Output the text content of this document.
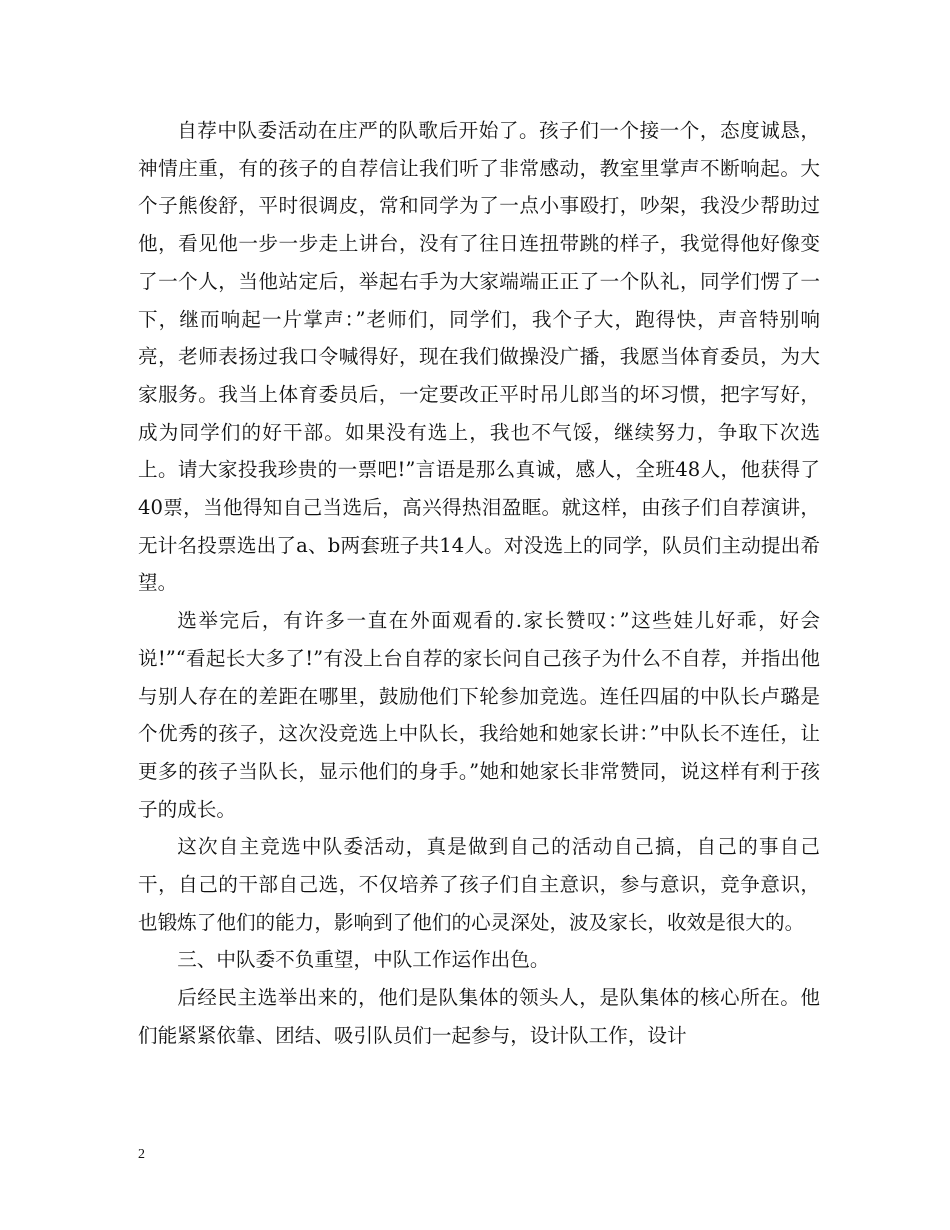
自荐中队委活动在庄严的队歌后开始了。孩子们一个接一个，态度诚恳，神情庄重，有的孩子的自荐信让我们听了非常感动，教室里掌声不断响起。大个子熊俊舒，平时很调皮，常和同学为了一点小事殴打，吵架，我没少帮助过他，看见他一步一步走上讲台，没有了往日连扭带跳的样子，我觉得他好像变了一个人，当他站定后，举起右手为大家端端正正了一个队礼，同学们愣了一下，继而响起一片掌声：”老师们，同学们，我个子大，跑得快，声音特别响亮，老师表扬过我口令喊得好，现在我们做操没广播，我愿当体育委员，为大家服务。我当上体育委员后，一定要改正平时吊儿郎当的坏习惯，把字写好，成为同学们的好干部。如果没有选上，我也不气馁，继续努力，争取下次选上。请大家投我珍贵的一票吧!”言语是那么真诚，感人，全班48人，他获得了40票，当他得知自己当选后，高兴得热泪盈眶。就这样，由孩子们自荐演讲，无计名投票选出了a、b两套班子共14人。对没选上的同学，队员们主动提出希望。

选举完后，有许多一直在外面观看的.家长赞叹：”这些娃儿好乖，好会说!”“看起长大多了!”有没上台自荐的家长问自己孩子为什么不自荐，并指出他与别人存在的差距在哪里，鼓励他们下轮参加竞选。连任四届的中队长卢璐是个优秀的孩子，这次没竞选上中队长，我给她和她家长讲：”中队长不连任，让更多的孩子当队长，显示他们的身手。”她和她家长非常赞同，说这样有利于孩子的成长。

这次自主竞选中队委活动，真是做到自己的活动自己搞，自己的事自己干，自己的干部自己选，不仅培养了孩子们自主意识，参与意识，竞争意识，也锻炼了他们的能力，影响到了他们的心灵深处，波及家长，收效是很大的。

三、中队委不负重望，中队工作运作出色。

后经民主选举出来的，他们是队集体的领头人，是队集体的核心所在。他们能紧紧依靠、团结、吸引队员们一起参与，设计队工作，设计

2
